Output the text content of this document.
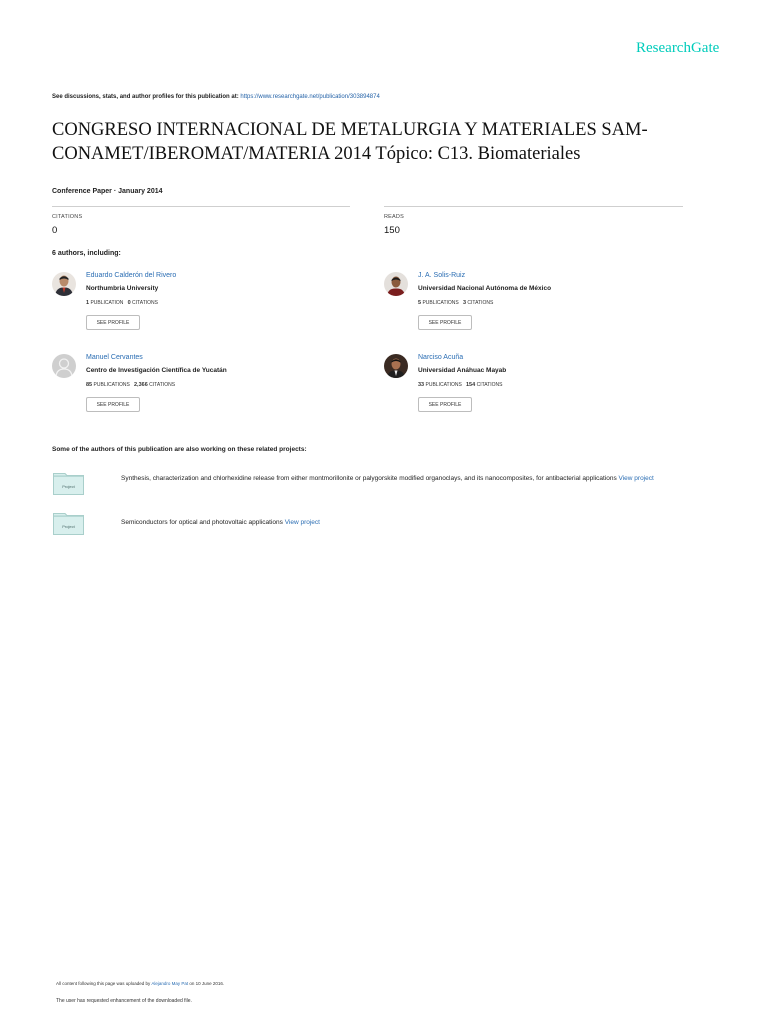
ResearchGate
See discussions, stats, and author profiles for this publication at: https://www.researchgate.net/publication/303894874
CONGRESO INTERNACIONAL DE METALURGIA Y MATERIALES SAM-
CONAMET/IBEROMAT/MATERIA 2014 Tópico: C13. Biomateriales
Conference Paper · January 2014
CITATIONS
0
READS
150
6 authors, including:
Eduardo Calderón del Rivero
Northumbria University
1 PUBLICATION 0 CITATIONS
SEE PROFILE
J. A. Solis-Ruiz
Universidad Nacional Autónoma de México
5 PUBLICATIONS 3 CITATIONS
SEE PROFILE
Manuel Cervantes
Centro de Investigación Científica de Yucatán
85 PUBLICATIONS 2,366 CITATIONS
SEE PROFILE
Narciso Acuña
Universidad Anáhuac Mayab
33 PUBLICATIONS 154 CITATIONS
SEE PROFILE
Some of the authors of this publication are also working on these related projects:
Project
Synthesis, characterization and chlorhexidine release from either montmorillonite or palygorskite modified organoclays, and its nanocomposites, for antibacterial applications View project
Project
Semiconductors for optical and photovoltaic applications View project
All content following this page was uploaded by Alejandro May Pat on 10 June 2016.
The user has requested enhancement of the downloaded file.
